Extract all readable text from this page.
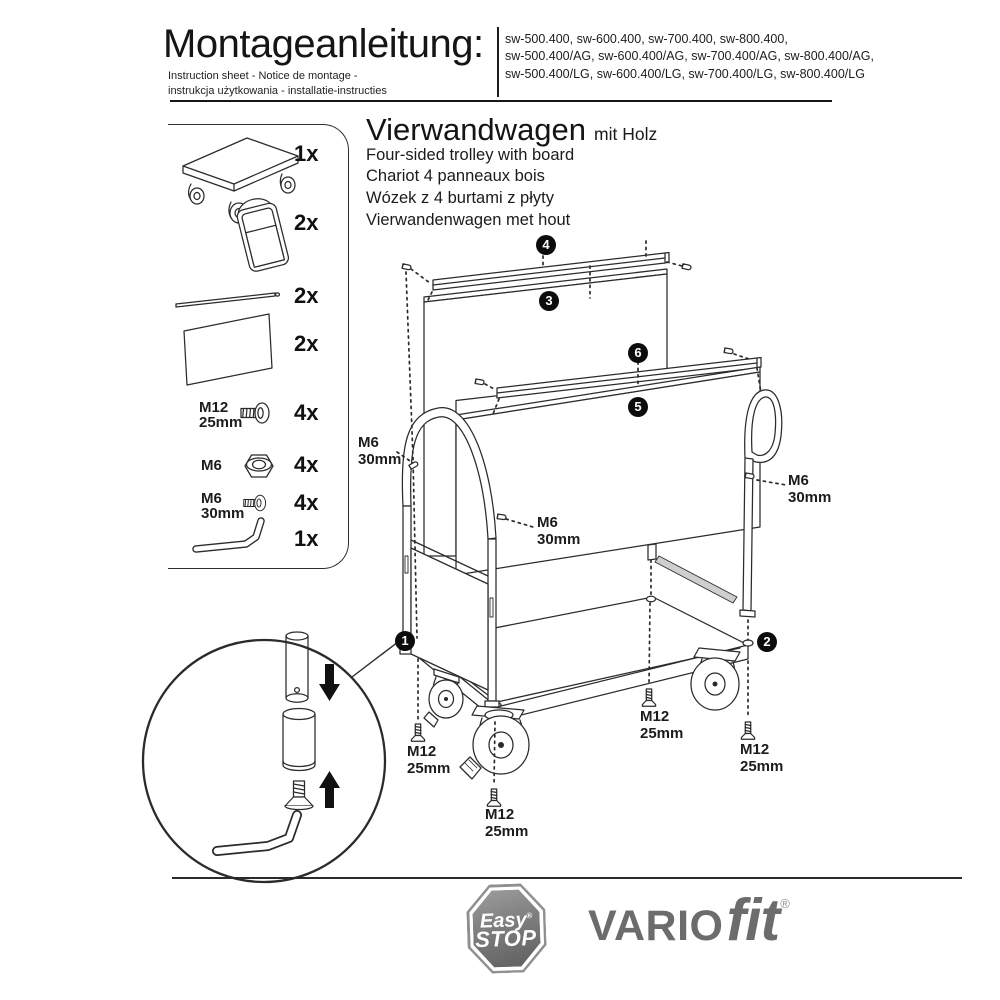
Montageanleitung:
Instruction sheet - Notice de montage -
instrukcja użytkowania - installatie-instructies
sw-500.400, sw-600.400, sw-700.400, sw-800.400,
sw-500.400/AG, sw-600.400/AG, sw-700.400/AG, sw-800.400/AG,
sw-500.400/LG, sw-600.400/LG, sw-700.400/LG, sw-800.400/LG
Vierwandwagen mit Holz
Four-sided trolley with board
Chariot 4 panneaux bois
Wózek z 4 burtami z płyty
Vierwandenwagen met hout
1x
2x
2x
2x
4x
4x
4x
1x
M12
25mm
M6
M6
30mm
1	2
3
4
5
6
M6
30mm
M6
30mm
M6
30mm
M12
25mm
M12
25mm
M12
25mm
M12
25mm
Easy®
STOP VARIO fit ®
